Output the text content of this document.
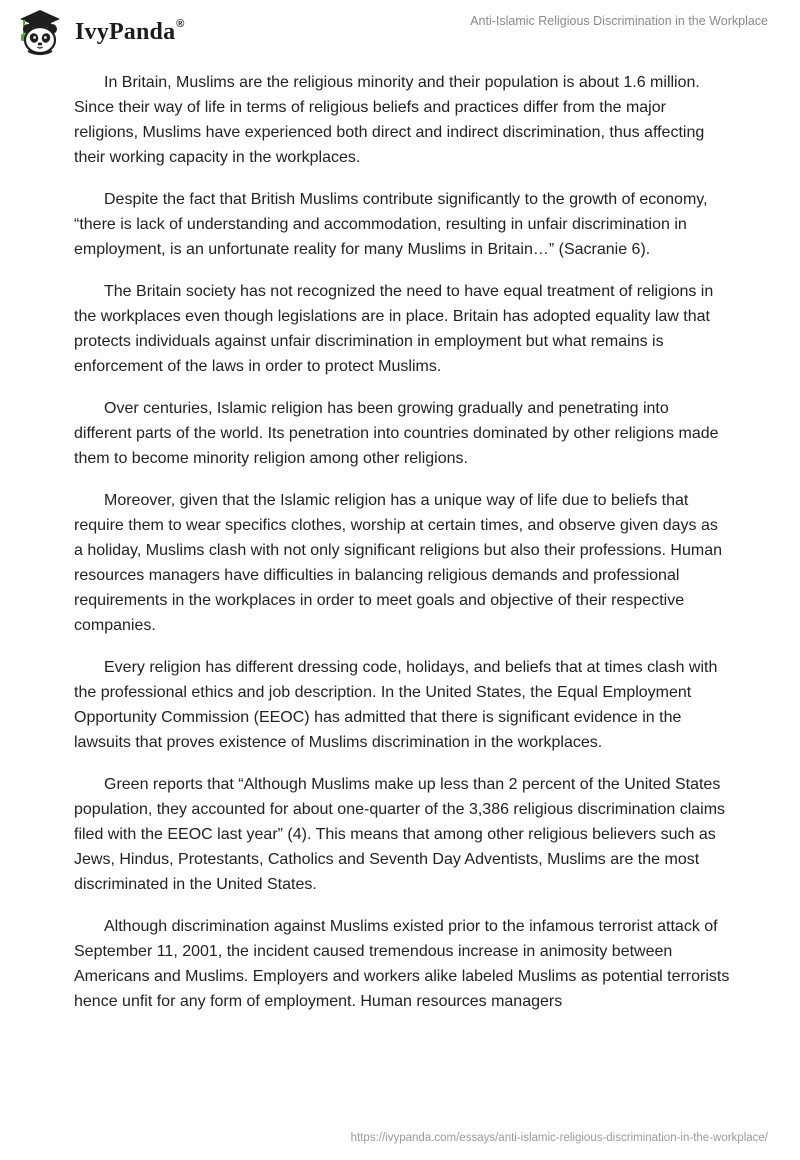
IvyPanda®	Anti-Islamic Religious Discrimination in the Workplace

In Britain, Muslims are the religious minority and their population is about 1.6 million. Since their way of life in terms of religious beliefs and practices differ from the major religions, Muslims have experienced both direct and indirect discrimination, thus affecting their working capacity in the workplaces.

Despite the fact that British Muslims contribute significantly to the growth of economy, “there is lack of understanding and accommodation, resulting in unfair discrimination in employment, is an unfortunate reality for many Muslims in Britain…” (Sacranie 6).

The Britain society has not recognized the need to have equal treatment of religions in the workplaces even though legislations are in place. Britain has adopted equality law that protects individuals against unfair discrimination in employment but what remains is enforcement of the laws in order to protect Muslims.

Over centuries, Islamic religion has been growing gradually and penetrating into different parts of the world. Its penetration into countries dominated by other religions made them to become minority religion among other religions.

Moreover, given that the Islamic religion has a unique way of life due to beliefs that require them to wear specifics clothes, worship at certain times, and observe given days as a holiday, Muslims clash with not only significant religions but also their professions. Human resources managers have difficulties in balancing religious demands and professional requirements in the workplaces in order to meet goals and objective of their respective companies.

Every religion has different dressing code, holidays, and beliefs that at times clash with the professional ethics and job description. In the United States, the Equal Employment Opportunity Commission (EEOC) has admitted that there is significant evidence in the lawsuits that proves existence of Muslims discrimination in the workplaces.

Green reports that “Although Muslims make up less than 2 percent of the United States population, they accounted for about one-quarter of the 3,386 religious discrimination claims filed with the EEOC last year” (4). This means that among other religious believers such as Jews, Hindus, Protestants, Catholics and Seventh Day Adventists, Muslims are the most discriminated in the United States.

Although discrimination against Muslims existed prior to the infamous terrorist attack of September 11, 2001, the incident caused tremendous increase in animosity between Americans and Muslims. Employers and workers alike labeled Muslims as potential terrorists hence unfit for any form of employment. Human resources managers

https://ivypanda.com/essays/anti-islamic-religious-discrimination-in-the-workplace/
